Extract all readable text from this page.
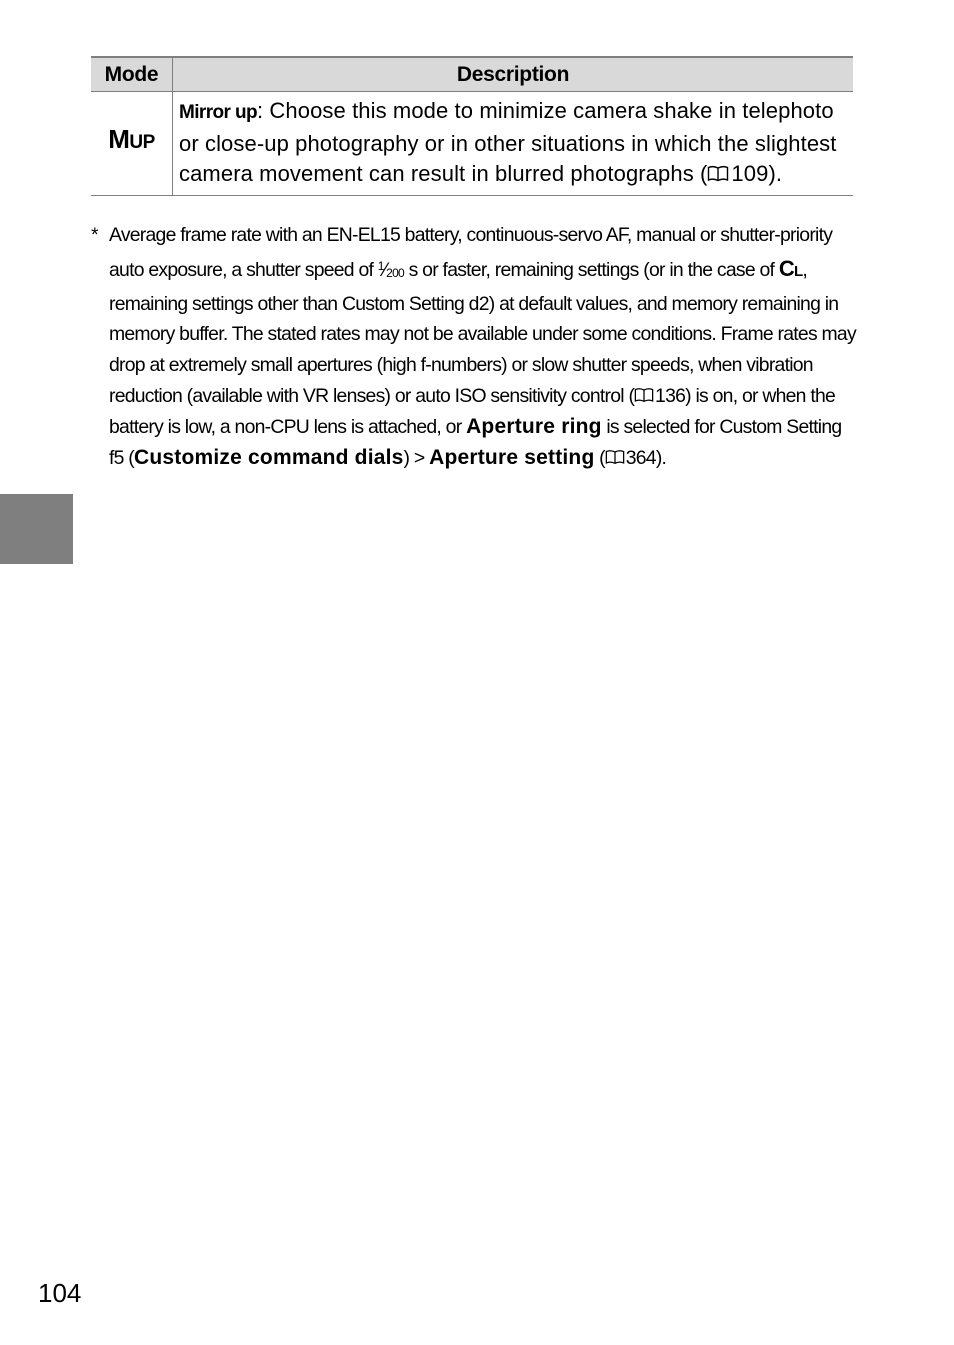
Mode	Description
MUP	Mirror up: Choose this mode to minimize camera shake in telephoto or close-up photography or in other situations in which the slightest camera movement can result in blurred photographs (  109).
* Average frame rate with an EN-EL15 battery, continuous-servo AF, manual or shutter-priority auto exposure, a shutter speed of $^1⁄_{200}$ s or faster, remaining settings (or in the case of CL, remaining settings other than Custom Setting d2) at default values, and memory remaining in memory buffer. The stated rates may not be available under some conditions. Frame rates may drop at extremely small apertures (high f-numbers) or slow shutter speeds, when vibration reduction (available with VR lenses) or auto ISO sensitivity control (  136) is on, or when the battery is low, a non-CPU lens is attached, or Aperture ring is selected for Custom Setting f5 (Customize command dials) > Aperture setting (  364).
104
